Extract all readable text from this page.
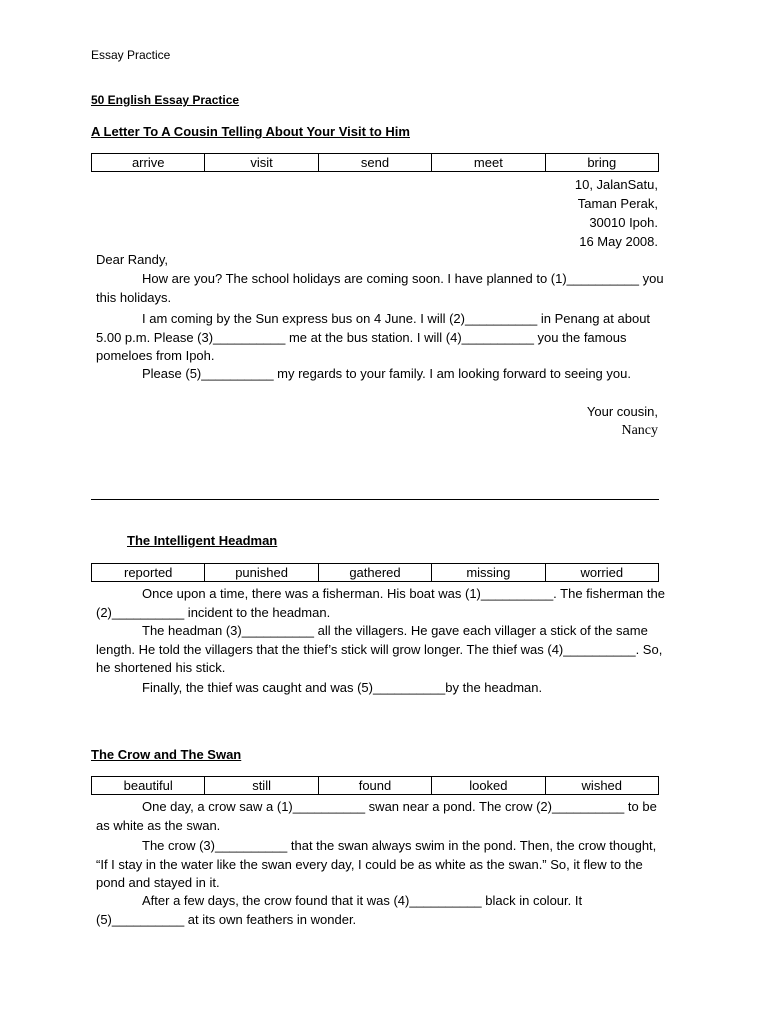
Essay Practice
50 English Essay Practice
A Letter To A Cousin Telling About Your Visit to Him
arrive	visit	send	meet	bring
10, JalanSatu,
Taman Perak,
30010 Ipoh.
16 May 2008.
Dear Randy,
How are you? The school holidays are coming soon. I have planned to (1)__________ you this holidays.
I am coming by the Sun express bus on 4 June. I will (2)__________ in Penang at about 5.00 p.m. Please (3)__________ me at the bus station. I will (4)__________ you the famous pomeloes from Ipoh.
Please (5)__________ my regards to your family. I am looking forward to seeing you.
Your cousin,
Nancy
The Intelligent Headman
reported	punished	gathered	missing	worried
Once upon a time, there was a fisherman. His boat was (1)__________. The fisherman the (2)__________ incident to the headman.
The headman (3)__________ all the villagers. He gave each villager a stick of the same length. He told the villagers that the thief’s stick will grow longer. The thief was (4)__________. So, he shortened his stick.
Finally, the thief was caught and was (5)__________by the headman.
The Crow and The Swan
beautiful	still	found	looked	wished
One day, a crow saw a (1)__________ swan near a pond. The crow (2)__________ to be as white as the swan.
The crow (3)__________ that the swan always swim in the pond. Then, the crow thought, “If I stay in the water like the swan every day, I could be as white as the swan.” So, it flew to the pond and stayed in it.
After a few days, the crow found that it was (4)__________ black in colour. It (5)__________ at its own feathers in wonder.
